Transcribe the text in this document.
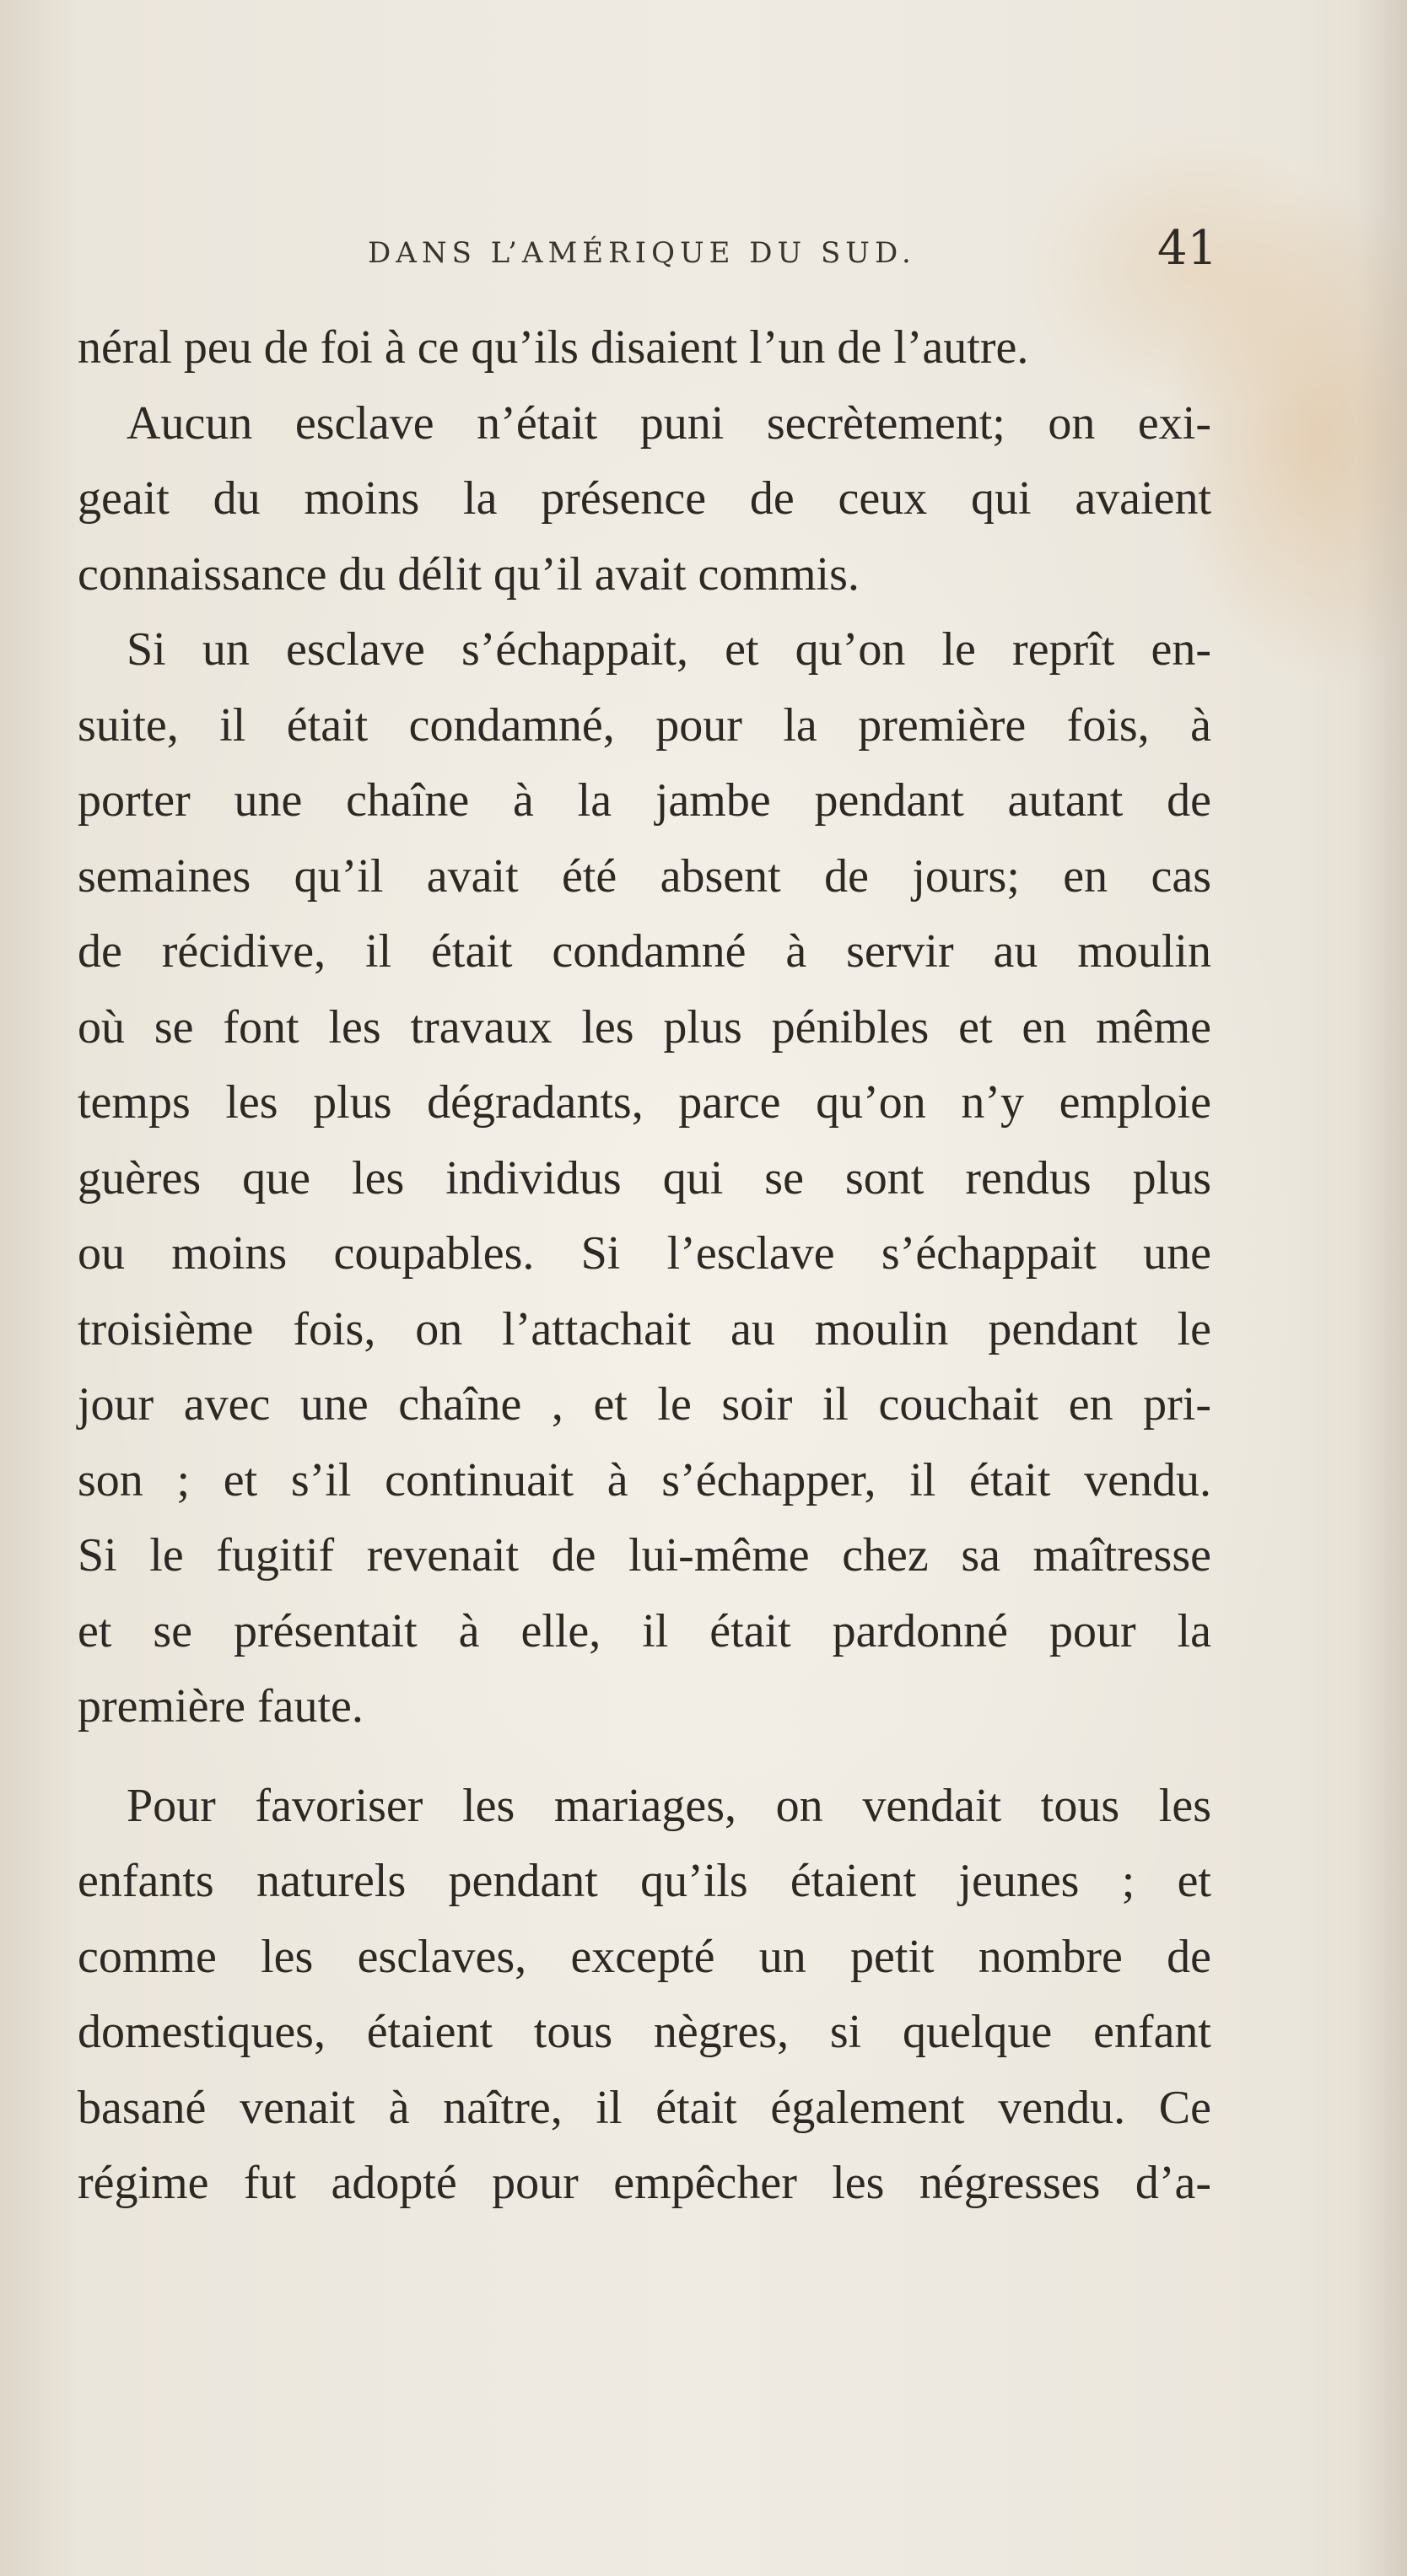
DANS L’AMÉRIQUE DU SUD.	41
néral peu de foi à ce qu’ils disaient l’un de l’autre.
Aucun esclave n’était puni secrètement; on exi-
geait du moins la présence de ceux qui avaient
connaissance du délit qu’il avait commis.
Si un esclave s’échappait, et qu’on le reprît en-
suite, il était condamné, pour la première fois, à
porter une chaîne à la jambe pendant autant de
semaines qu’il avait été absent de jours; en cas
de récidive, il était condamné à servir au moulin
où se font les travaux les plus pénibles et en même
temps les plus dégradants, parce qu’on n’y emploie
guères que les individus qui se sont rendus plus
ou moins coupables. Si l’esclave s’échappait une
troisième fois, on l’attachait au moulin pendant le
jour avec une chaîne , et le soir il couchait en pri-
son ; et s’il continuait à s’échapper, il était vendu.
Si le fugitif revenait de lui-même chez sa maîtresse
et se présentait à elle, il était pardonné pour la
première faute.
Pour favoriser les mariages, on vendait tous les
enfants naturels pendant qu’ils étaient jeunes ; et
comme les esclaves, excepté un petit nombre de
domestiques, étaient tous nègres, si quelque enfant
basané venait à naître, il était également vendu. Ce
régime fut adopté pour empêcher les négresses d’a-
